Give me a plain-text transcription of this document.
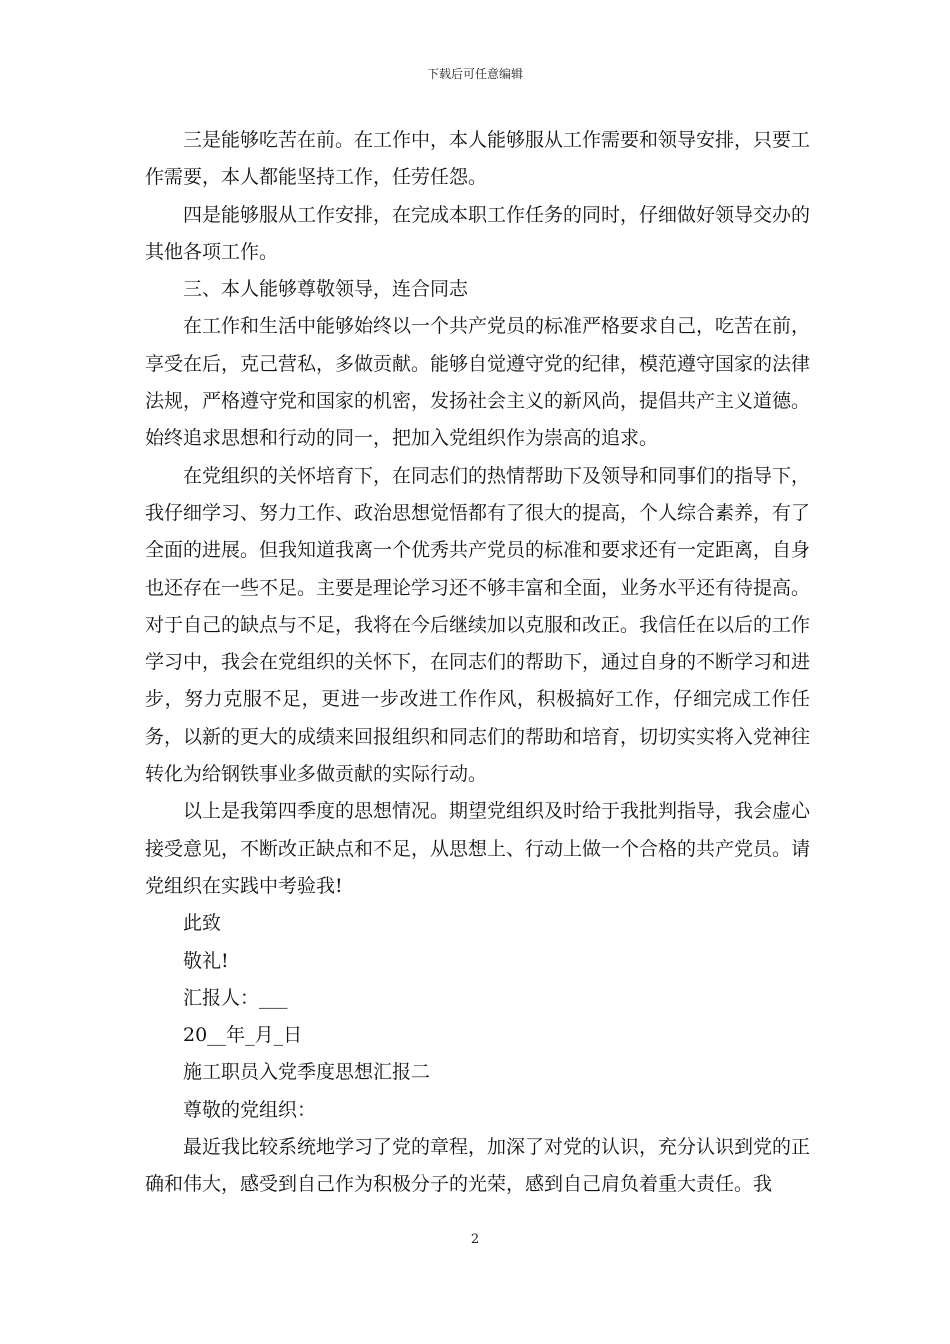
下载后可任意编辑

三是能够吃苦在前。在工作中，本人能够服从工作需要和领导安排，只要工作需要，本人都能坚持工作，任劳任怨。

四是能够服从工作安排，在完成本职工作任务的同时，仔细做好领导交办的其他各项工作。

三、本人能够尊敬领导，连合同志

在工作和生活中能够始终以一个共产党员的标准严格要求自己，吃苦在前，享受在后，克己营私，多做贡献。能够自觉遵守党的纪律，模范遵守国家的法律法规，严格遵守党和国家的机密，发扬社会主义的新风尚，提倡共产主义道德。始终追求思想和行动的同一，把加入党组织作为崇高的追求。

在党组织的关怀培育下，在同志们的热情帮助下及领导和同事们的指导下，我仔细学习、努力工作、政治思想觉悟都有了很大的提高，个人综合素养，有了全面的进展。但我知道我离一个优秀共产党员的标准和要求还有一定距离，自身也还存在一些不足。主要是理论学习还不够丰富和全面，业务水平还有待提高。对于自己的缺点与不足，我将在今后继续加以克服和改正。我信任在以后的工作学习中，我会在党组织的关怀下，在同志们的帮助下，通过自身的不断学习和进步，努力克服不足，更进一步改进工作作风，积极搞好工作，仔细完成工作任务，以新的更大的成绩来回报组织和同志们的帮助和培育，切切实实将入党神往转化为给钢铁事业多做贡献的实际行动。

以上是我第四季度的思想情况。期望党组织及时给于我批判指导，我会虚心接受意见，不断改正缺点和不足，从思想上、行动上做一个合格的共产党员。请党组织在实践中考验我!

此致

敬礼!

汇报人：___

20__年_月_日

施工职员入党季度思想汇报二

尊敬的党组织：

最近我比较系统地学习了党的章程，加深了对党的认识，充分认识到党的正确和伟大，感受到自己作为积极分子的光荣，感到自己肩负着重大责任。我

2
